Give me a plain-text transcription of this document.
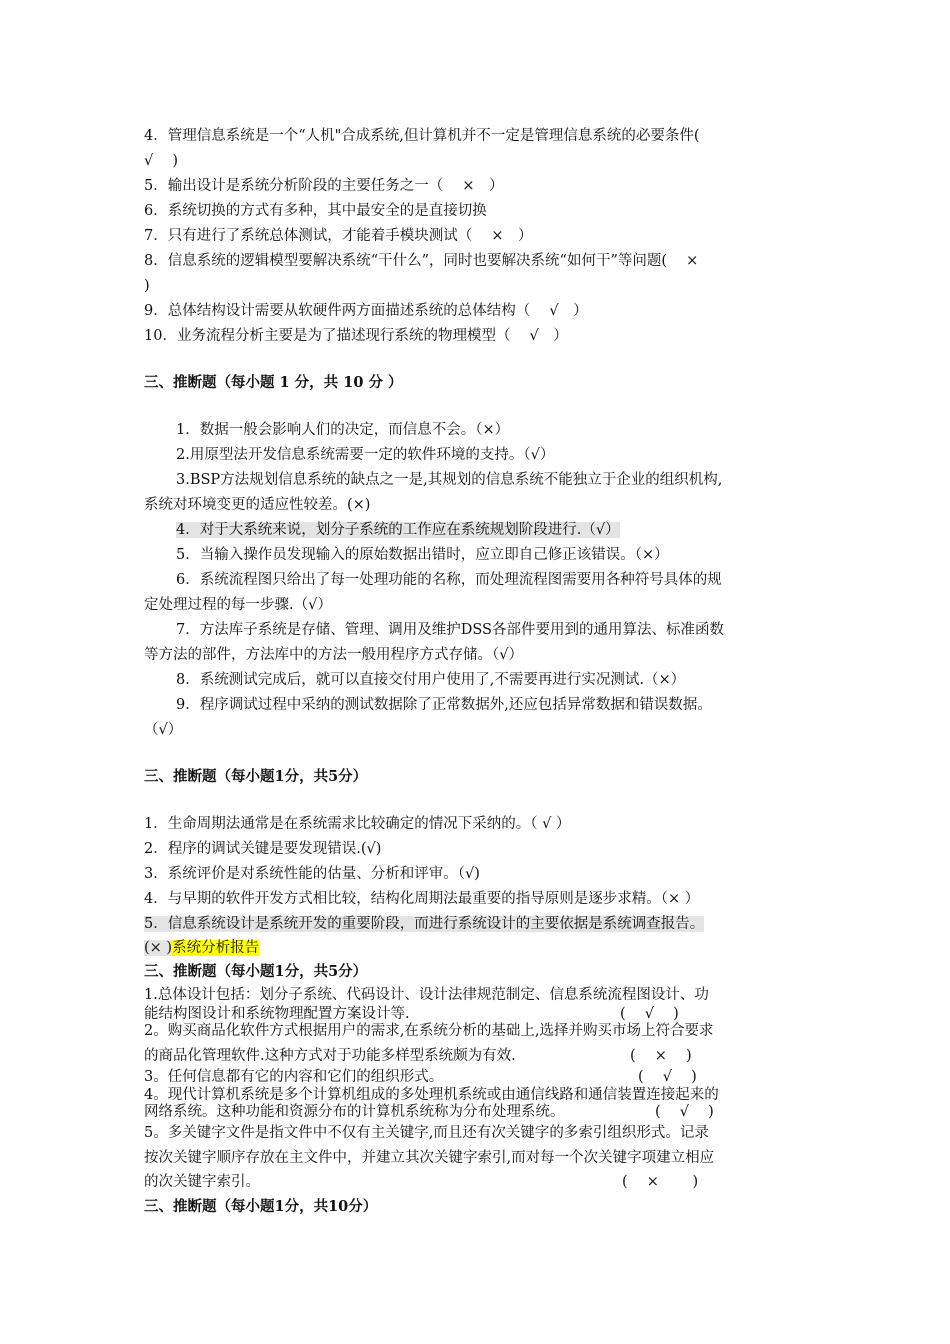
4．管理信息系统是一个“人机"合成系统,但计算机并不一定是管理信息系统的必要条件(
√　 )
5．输出设计是系统分析阶段的主要任务之一（　 ×　）
6．系统切换的方式有多种，其中最安全的是直接切换
7．只有进行了系统总体测试，才能着手模块测试（　 ×　）
8．信息系统的逻辑模型要解决系统“干什么”，同时也要解决系统“如何干”等问题(　 ×
)
9．总体结构设计需要从软硬件两方面描述系统的总体结构（　 √　）
10．业务流程分析主要是为了描述现行系统的物理模型（　 √　）
三、推断题（每小题 1 分，共 10 分 ）
1．数据一般会影响人们的决定，而信息不会。（×）
2.用原型法开发信息系统需要一定的软件环境的支持。（√）
3.BSP方法规划信息系统的缺点之一是,其规划的信息系统不能独立于企业的组织机构,
系统对环境变更的适应性较差。(×)
4．对于大系统来说，划分子系统的工作应在系统规划阶段进行.（√）
5．当输入操作员发现输入的原始数据出错时，应立即自己修正该错误。（×）
6．系统流程图只给出了每一处理功能的名称，而处理流程图需要用各种符号具体的规
定处理过程的每一步骤.（√）
7．方法库子系统是存储、管理、调用及维护DSS各部件要用到的通用算法、标准函数
等方法的部件，方法库中的方法一般用程序方式存储。（√）
8．系统测试完成后，就可以直接交付用户使用了,不需要再进行实况测试.（×）
9．程序调试过程中采纳的测试数据除了正常数据外,还应包括异常数据和错误数据。
（√）
三、推断题（每小题1分，共5分）
1．生命周期法通常是在系统需求比较确定的情况下采纳的。（ √ ）
2．程序的调试关键是要发现错误.(√)
3．系统评价是对系统性能的估量、分析和评审。（√)
4．与早期的软件开发方式相比较，结构化周期法最重要的指导原则是逐步求精。（× ）
5．信息系统设计是系统开发的重要阶段，而进行系统设计的主要依据是系统调查报告。
(× )系统分析报告
三、推断题（每小题1分，共5分）
1.总体设计包括：划分子系统、代码设计、设计法律规范制定、信息系统流程图设计、功
能结构图设计和系统物理配置方案设计等.	(　 √　 )
2。购买商品化软件方式根据用户的需求,在系统分析的基础上,选择并购买市场上符合要求
的商品化管理软件.这种方式对于功能多样型系统颇为有效.	(　 ×　 )
3。任何信息都有它的内容和它们的组织形式。	(　 √　 )
4。现代计算机系统是多个计算机组成的多处理机系统或由通信线路和通信装置连接起来的
网络系统。这种功能和资源分布的计算机系统称为分布处理系统。	(　 √　 )
5。多关键字文件是指文件中不仅有主关键字,而且还有次关键字的多索引组织形式。记录
按次关键字顺序存放在主文件中，并建立其次关键字索引,而对每一个次关键字项建立相应
的次关键字索引。	(　 ×　　 )
三、推断题（每小题1分，共10分）
